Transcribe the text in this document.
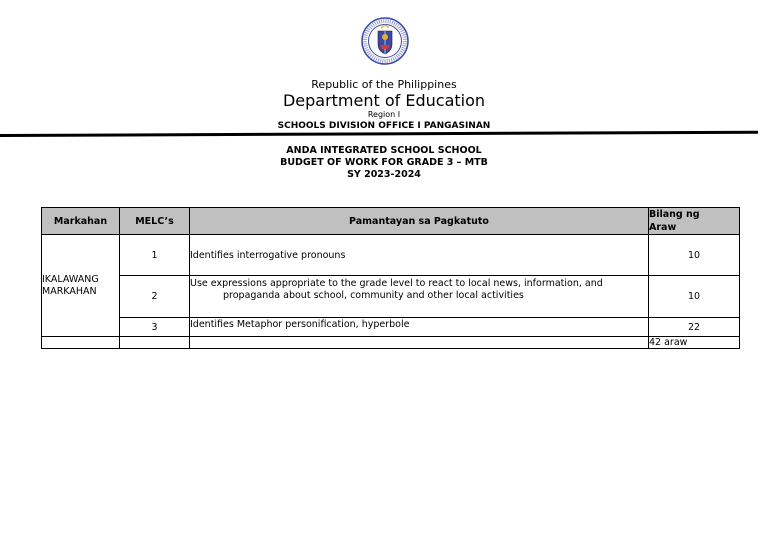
Republic of the Philippines
Department of Education
Region I
SCHOOLS DIVISION OFFICE I PANGASINAN
ANDA INTEGRATED SCHOOL SCHOOL
BUDGET OF WORK FOR GRADE 3 – MTB
SY 2023-2024
Markahan	MELC’s	Pamantayan sa Pagkatuto	Bilang ng
Araw
IKALAWANG
MARKAHAN	1	Identifies interrogative pronouns	10
	2	Use expressions appropriate to the grade level to react to local news, information, and
propaganda about school, community and other local activities	10
	3	Identifies Metaphor personification, hyperbole	22
			42 araw
